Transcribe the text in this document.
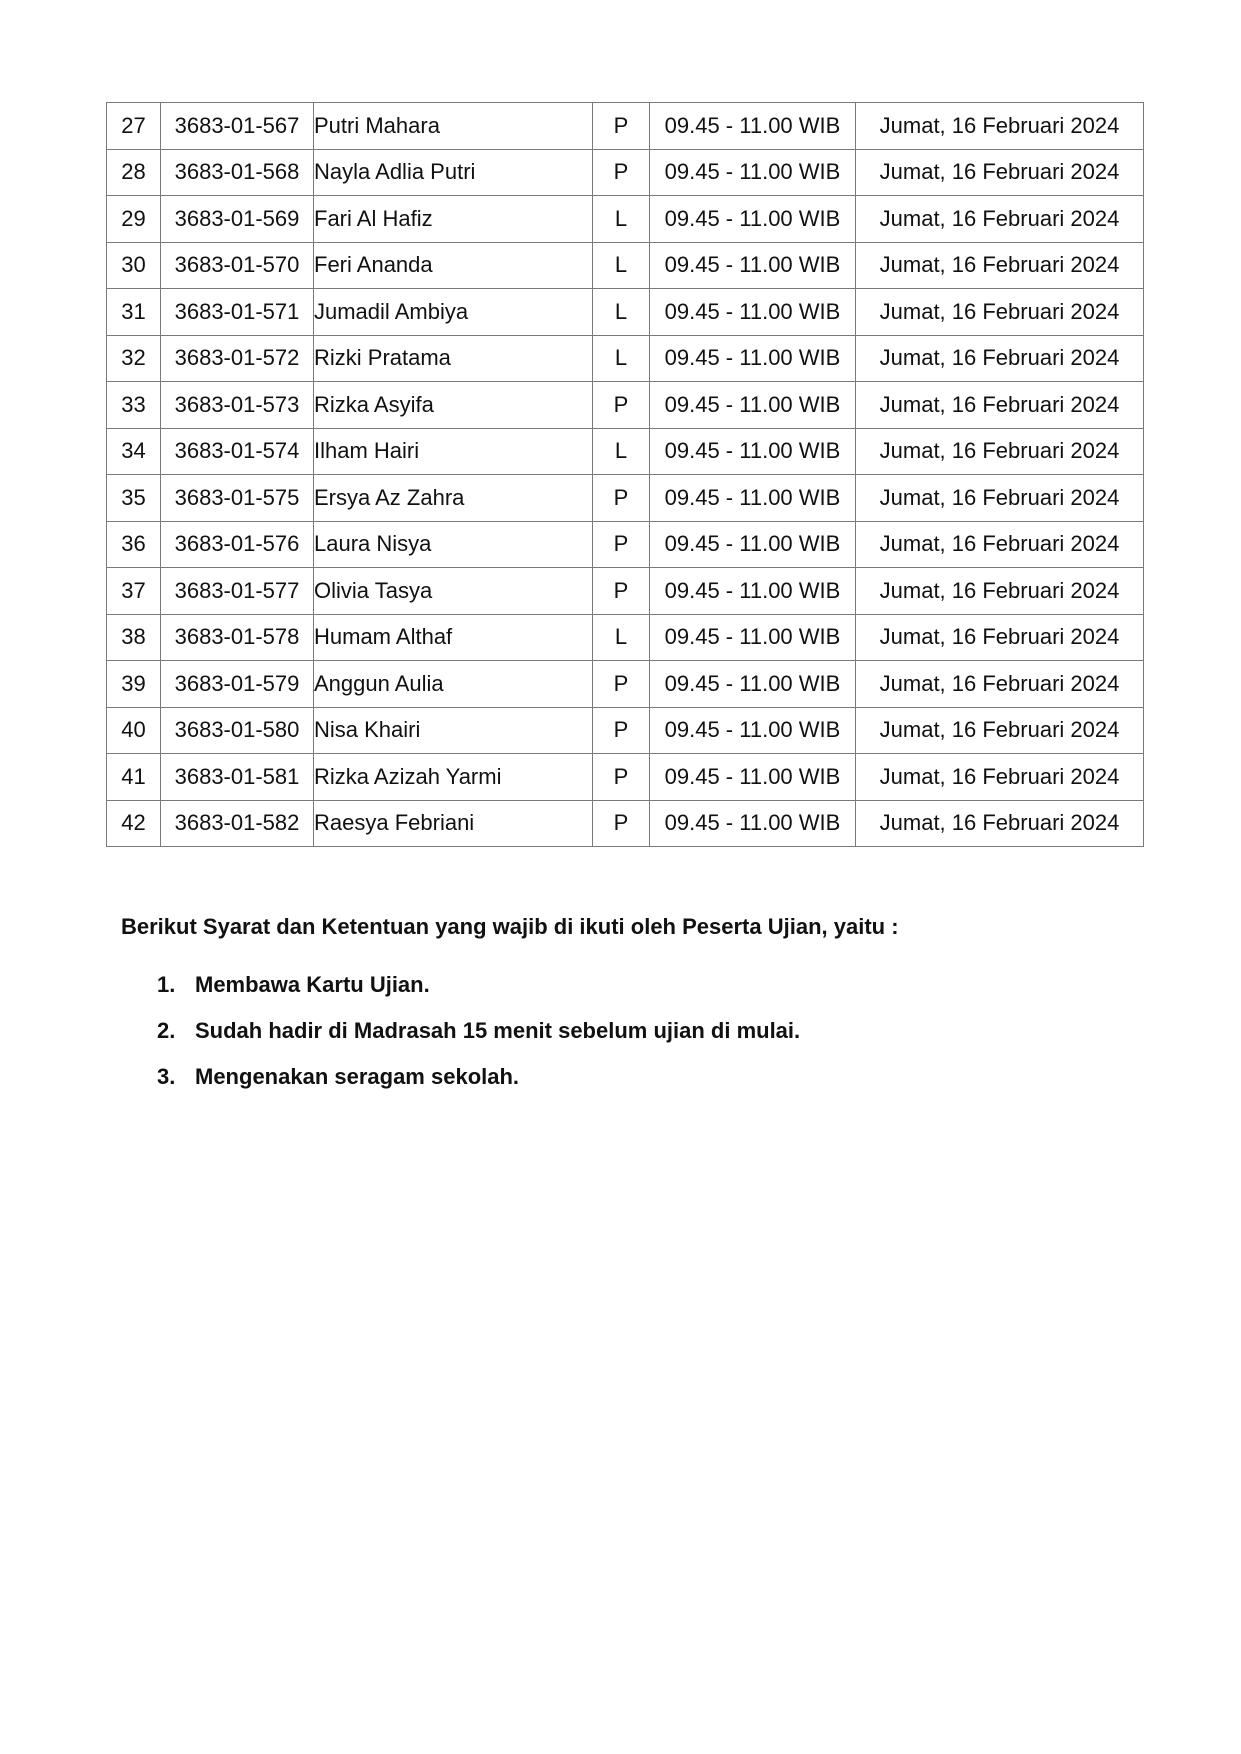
27	3683-01-567	Putri Mahara	P	09.45 - 11.00 WIB	Jumat, 16 Februari 2024
28	3683-01-568	Nayla Adlia Putri	P	09.45 - 11.00 WIB	Jumat, 16 Februari 2024
29	3683-01-569	Fari Al Hafiz	L	09.45 - 11.00 WIB	Jumat, 16 Februari 2024
30	3683-01-570	Feri Ananda	L	09.45 - 11.00 WIB	Jumat, 16 Februari 2024
31	3683-01-571	Jumadil Ambiya	L	09.45 - 11.00 WIB	Jumat, 16 Februari 2024
32	3683-01-572	Rizki Pratama	L	09.45 - 11.00 WIB	Jumat, 16 Februari 2024
33	3683-01-573	Rizka Asyifa	P	09.45 - 11.00 WIB	Jumat, 16 Februari 2024
34	3683-01-574	Ilham Hairi	L	09.45 - 11.00 WIB	Jumat, 16 Februari 2024
35	3683-01-575	Ersya Az Zahra	P	09.45 - 11.00 WIB	Jumat, 16 Februari 2024
36	3683-01-576	Laura Nisya	P	09.45 - 11.00 WIB	Jumat, 16 Februari 2024
37	3683-01-577	Olivia Tasya	P	09.45 - 11.00 WIB	Jumat, 16 Februari 2024
38	3683-01-578	Humam Althaf	L	09.45 - 11.00 WIB	Jumat, 16 Februari 2024
39	3683-01-579	Anggun Aulia	P	09.45 - 11.00 WIB	Jumat, 16 Februari 2024
40	3683-01-580	Nisa Khairi	P	09.45 - 11.00 WIB	Jumat, 16 Februari 2024
41	3683-01-581	Rizka Azizah Yarmi	P	09.45 - 11.00 WIB	Jumat, 16 Februari 2024
42	3683-01-582	Raesya Febriani	P	09.45 - 11.00 WIB	Jumat, 16 Februari 2024

Berikut Syarat dan Ketentuan yang wajib di ikuti oleh Peserta Ujian, yaitu :

1. Membawa Kartu Ujian.
2. Sudah hadir di Madrasah 15 menit sebelum ujian di mulai.
3. Mengenakan seragam sekolah.
